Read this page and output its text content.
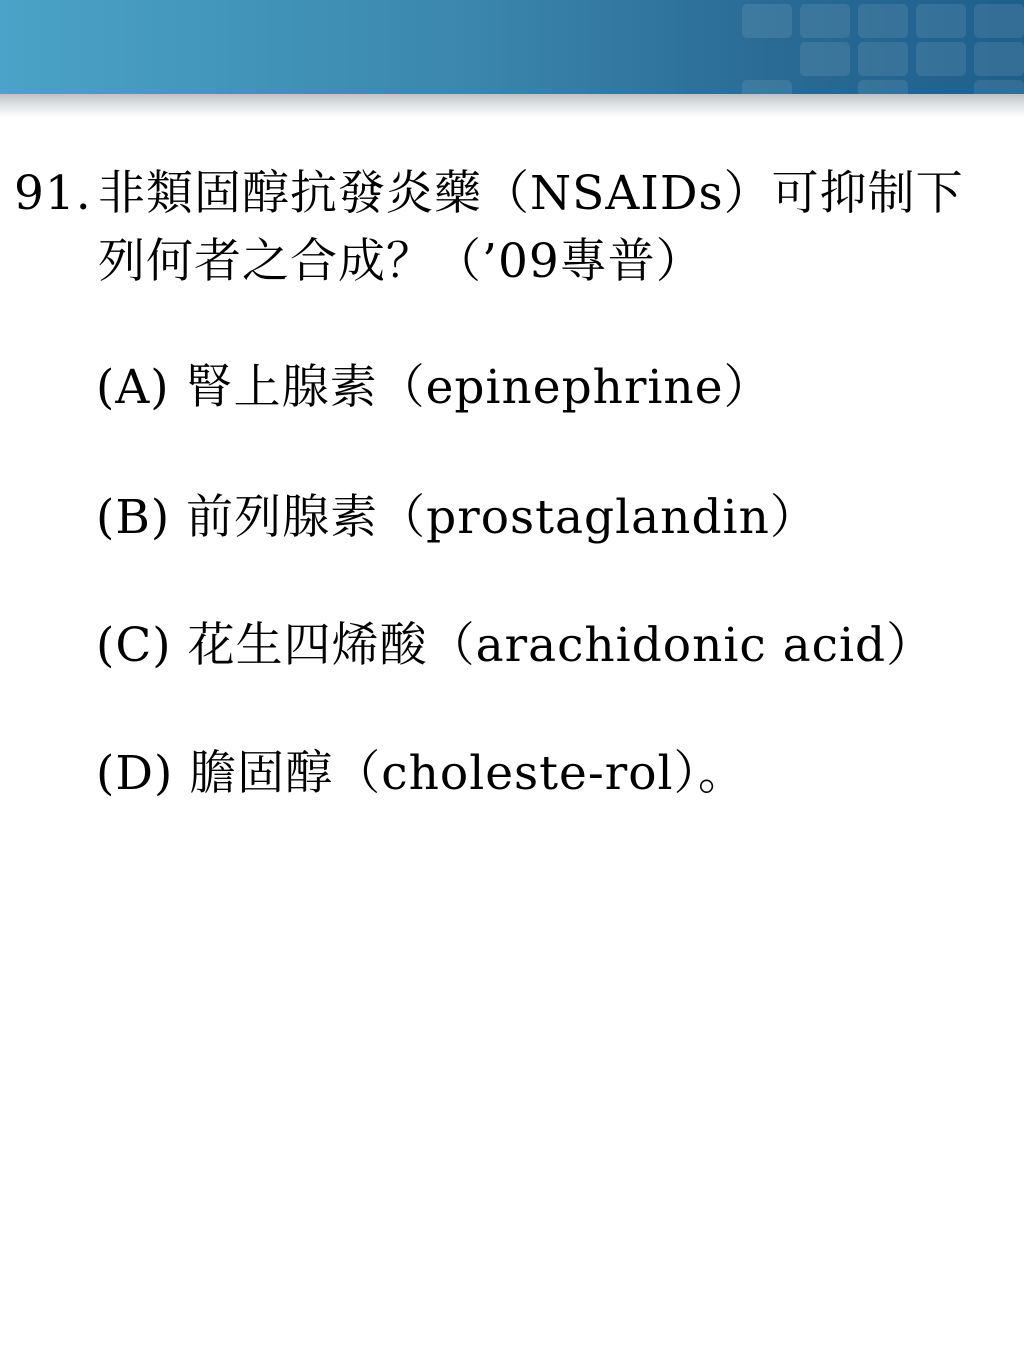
91. 非類固醇抗發炎藥（NSAIDs）可抑制下列何者之合成？（’09專普）
(A) 腎上腺素（epinephrine）
(B) 前列腺素（prostaglandin）
(C) 花生四烯酸（arachidonic acid）
(D) 膽固醇（choleste-rol）。
